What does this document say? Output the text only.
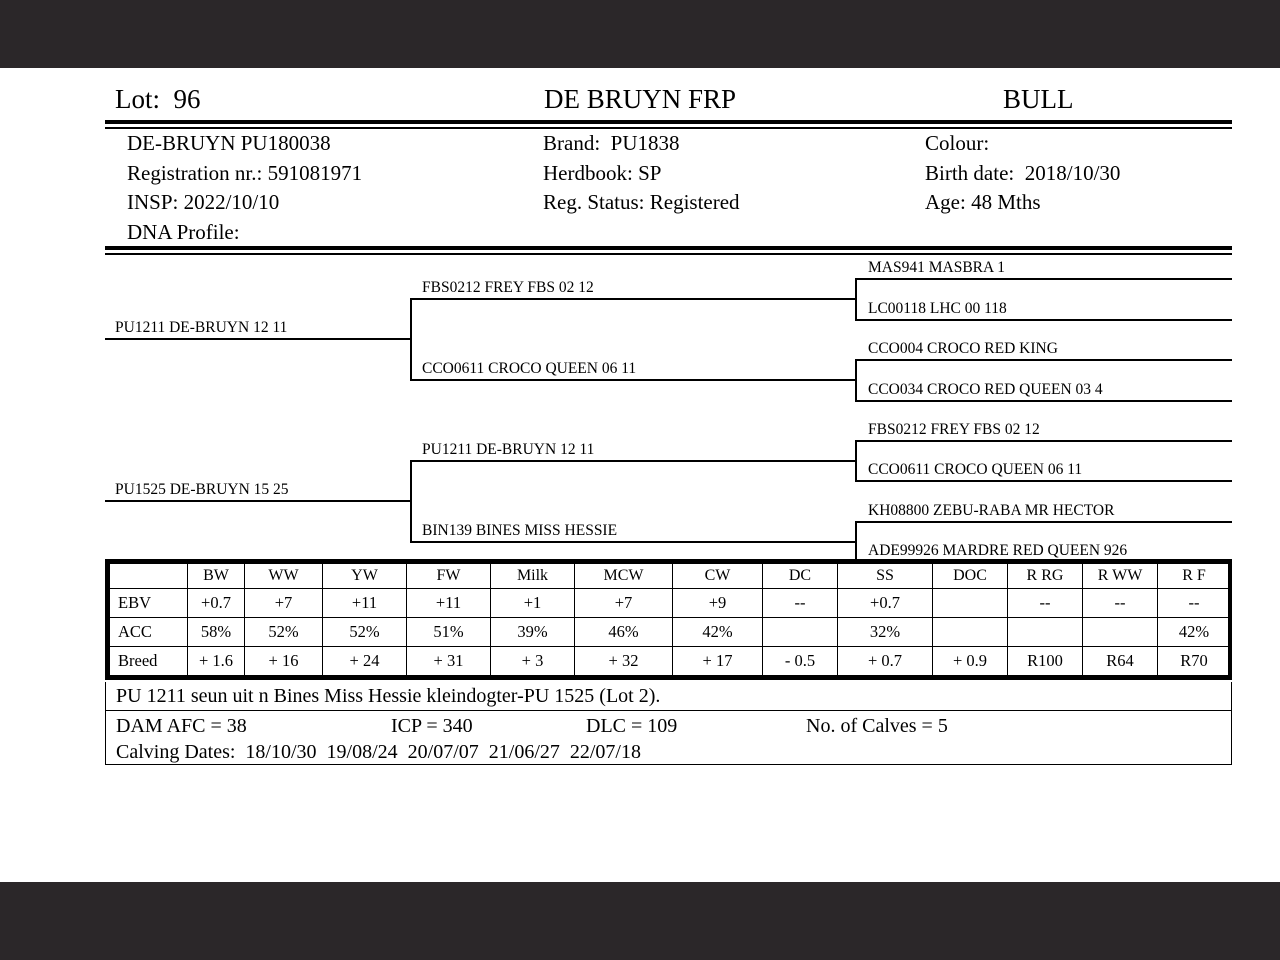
Lot:  96	DE BRUYN FRP	BULL
DE-BRUYN PU180038
Registration nr.: 591081971
INSP: 2022/10/10
DNA Profile:
Brand:  PU1838
Herdbook: SP
Reg. Status: Registered
Colour:
Birth date:  2018/10/30
Age: 48 Mths
PU1211 DE-BRUYN 12 11
PU1525 DE-BRUYN 15 25
FBS0212 FREY FBS 02 12
CCO0611 CROCO QUEEN 06 11
PU1211 DE-BRUYN 12 11
BIN139 BINES MISS HESSIE
MAS941 MASBRA 1
LC00118 LHC 00 118
CCO004 CROCO RED KING
CCO034 CROCO RED QUEEN 03 4
FBS0212 FREY FBS 02 12
CCO0611 CROCO QUEEN 06 11
KH08800 ZEBU-RABA MR HECTOR
ADE99926 MARDRE RED QUEEN 926
	BW	WW	YW	FW	Milk	MCW	CW	DC	SS	DOC	R RG	R WW	R F
EBV	+0.7	+7	+11	+11	+1	+7	+9	--	+0.7		--	--	--
ACC	58%	52%	52%	51%	39%	46%	42%		32%				42%
Breed	+ 1.6	+ 16	+ 24	+ 31	+ 3	+ 32	+ 17	- 0.5	+ 0.7	+ 0.9	R100	R64	R70
PU 1211 seun uit n Bines Miss Hessie kleindogter-PU 1525 (Lot 2).
DAM AFC = 38	ICP = 340	DLC = 109	No. of Calves = 5
Calving Dates:  18/10/30  19/08/24  20/07/07  21/06/27  22/07/18
